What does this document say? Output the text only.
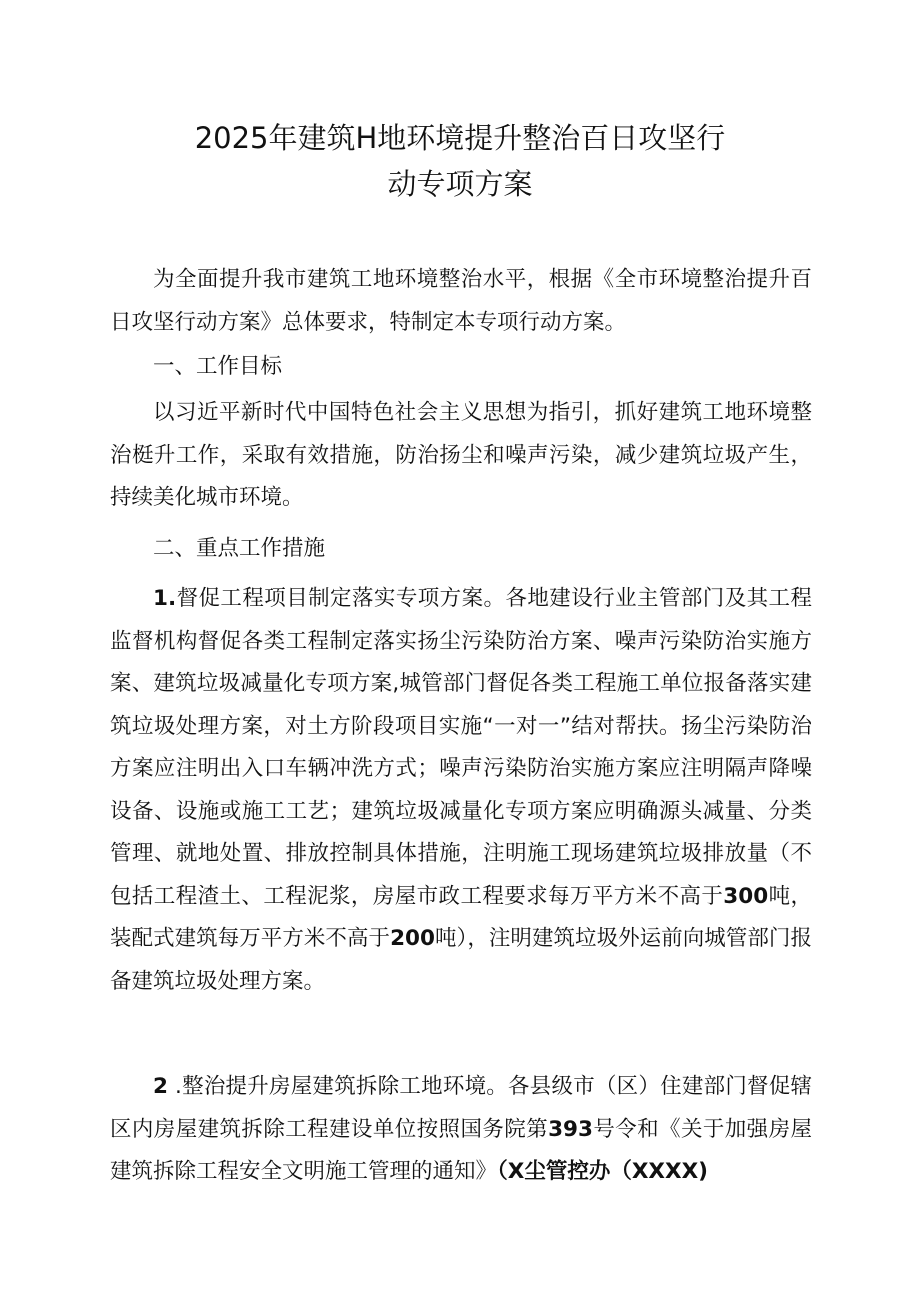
2025年建筑H地环境提升整治百日攻坚行
动专项方案

为全面提升我市建筑工地环境整治水平，根据《全市环境整治提升百日攻坚行动方案》总体要求，特制定本专项行动方案。

一、工作目标

以习近平新时代中国特色社会主义思想为指引，抓好建筑工地环境整治梃升工作，采取有效措施，防治扬尘和噪声污染，减少建筑垃圾产生，持续美化城市环境。

二、重点工作措施

1.督促工程项目制定落实专项方案。各地建设行业主管部门及其工程监督机构督促各类工程制定落实扬尘污染防治方案、噪声污染防治实施方案、建筑垃圾减量化专项方案,城管部门督促各类工程施工单位报备落实建筑垃圾处理方案，对土方阶段项目实施“一对一”结对帮扶。扬尘污染防治方案应注明出入口车辆冲洗方式；噪声污染防治实施方案应注明隔声降噪设备、设施或施工工艺；建筑垃圾减量化专项方案应明确源头减量、分类管理、就地处置、排放控制具体措施，注明施工现场建筑垃圾排放量（不包括工程渣土、工程泥浆，房屋市政工程要求每万平方米不高于300吨，装配式建筑每万平方米不高于200吨），注明建筑垃圾外运前向城管部门报备建筑垃圾处理方案。

2 .整治提升房屋建筑拆除工地环境。各县级市（区）住建部门督促辖区内房屋建筑拆除工程建设单位按照国务院第393号令和《关于加强房屋建筑拆除工程安全文明施工管理的通知》（X尘管控办（XXXX)
